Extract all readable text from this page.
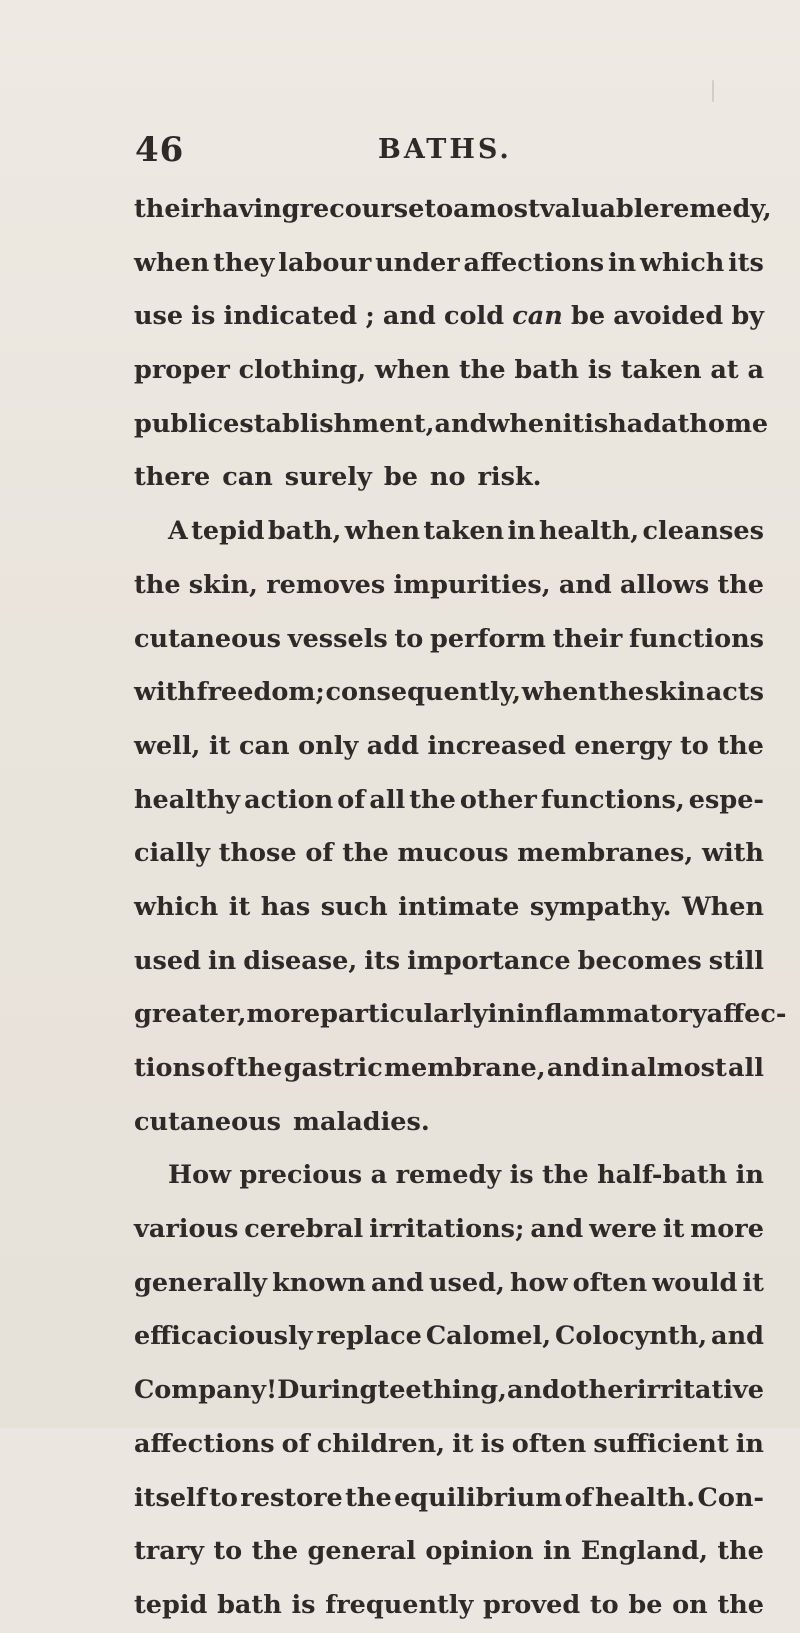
46	BATHS.
their having recourse to a most valuable remedy,
when they labour under affections in which its
use is indicated ; and cold can be avoided by
proper clothing, when the bath is taken at a
public establishment, and when it is had at home
there can surely be no risk.
A tepid bath, when taken in health, cleanses
the skin, removes impurities, and allows the
cutaneous vessels to perform their functions
with freedom; consequently, when the skin acts
well, it can only add increased energy to the
healthy action of all the other functions, espe-
cially those of the mucous membranes, with
which it has such intimate sympathy. When
used in disease, its importance becomes still
greater, more particularly in inflammatory affec-
tions of the gastric membrane, and in almost all
cutaneous maladies.
How precious a remedy is the half-bath in
various cerebral irritations; and were it more
generally known and used, how often would it
efficaciously replace Calomel, Colocynth, and
Company! During teething, and other irritative
affections of children, it is often sufficient in
itself to restore the equilibrium of health. Con-
trary to the general opinion in England, the
tepid bath is frequently proved to be on the
